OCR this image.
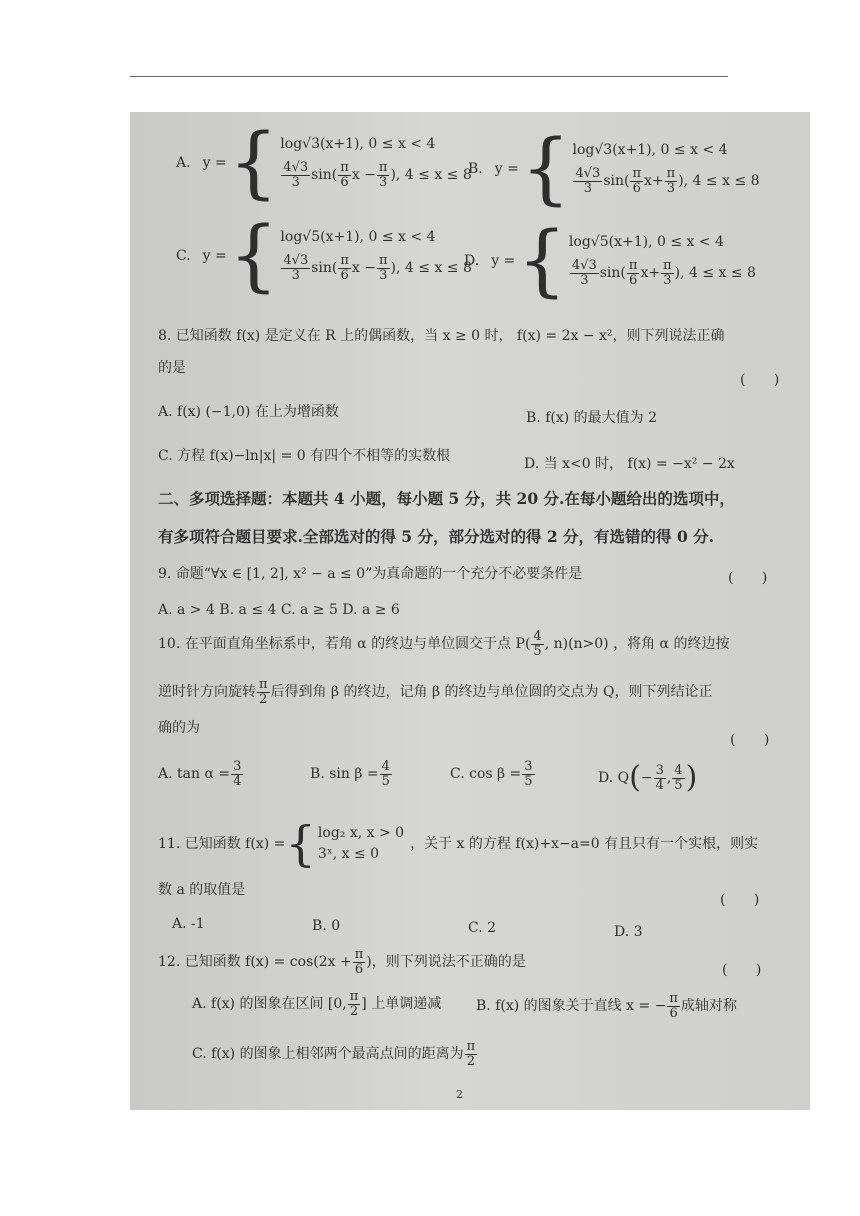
A. y = { log√3(x+1), 0 ≤ x < 4
$\frac{4√3}{3} \sin( \frac{\pi}{6}$ $x - \frac{\pi}{3}$ ), 4 ≤ x ≤ 8
B. y = { log√3(x+1), 0 ≤ x < 4
$\frac{4√3}{3} \sin( \frac{\pi}{6} x+ \frac{\pi}{3}$ ), 4 ≤ x ≤ 8
C. y = { log√5(x+1), 0 ≤ x < 4
$\frac{4√3}{3} \sin( \frac{\pi}{6}$ $x - \frac{\pi}{3}$ ), 4 ≤ x ≤ 8
D. y = { log√5(x+1), 0 ≤ x < 4
$\frac{4√3}{3} \sin( \frac{\pi}{6} x+ \frac{\pi}{3}$ ), 4 ≤ x ≤ 8
8. 已知函数 f(x) 是定义在 R 上的偶函数，当 x ≥ 0 时， f(x) = 2x − x²，则下列说法正确
的是
( )
A. f(x) (−1,0) 在上为增函数	B. f(x) 的最大值为 2
C. 方程 f(x)−ln|x| = 0 有四个不相等的实数根	D. 当 x<0 时， f(x) = −x² − 2x
二、多项选择题：本题共 4 小题，每小题 5 分，共 20 分.在每小题给出的选项中，
有多项符合题目要求.全部选对的得 5 分，部分选对的得 2 分，有选错的得 0 分.
9. 命题“∀x ∈ [1, 2], x² − a ≤ 0”为真命题的一个充分不必要条件是	( )
A. a > 4 B. a ≤ 4 C. a ≥ 5 D. a ≥ 6
10. 在平面直角坐标系中，若角 α 的终边与单位圆交于点 $P( \frac{4}{5}$ , n)(n>0) ，将角 α 的终边按
逆时针方向旋转 $\frac{\pi}{2}$ 后得到角 β 的终边，记角 β 的终边与单位圆的交点为 Q，则下列结论正
确的为
( )
A. $\tan \alpha = \frac{3}{4}$	B. $\sin \beta = \frac{4}{5}$	C. $\cos \beta = \frac{3}{5}$	D. Q ( − $\frac{3}{4}$ , $\frac{4}{5}$ )
11. 已知函数 f(x) = { log₂ x, x > 0
3ˣ, x ≤ 0
，关于 x 的方程 f(x)+x−a=0 有且只有一个实根，则实
数 a 的取值是
( )
A. -1	B. 0	C. 2	D. 3
12. 已知函数 $f(x) = \cos(2x + \frac{\pi}{6}$ )，则下列说法不正确的是
( )
A. f(x) 的图象在区间 [0, $\frac{\pi}{2}$ ] 上单调递减 B. f(x) 的图象关于直线 x = − $\frac{\pi}{6}$ 成轴对称
C. f(x) 的图象上相邻两个最高点间的距离为 $\frac{\pi}{2}$
2
